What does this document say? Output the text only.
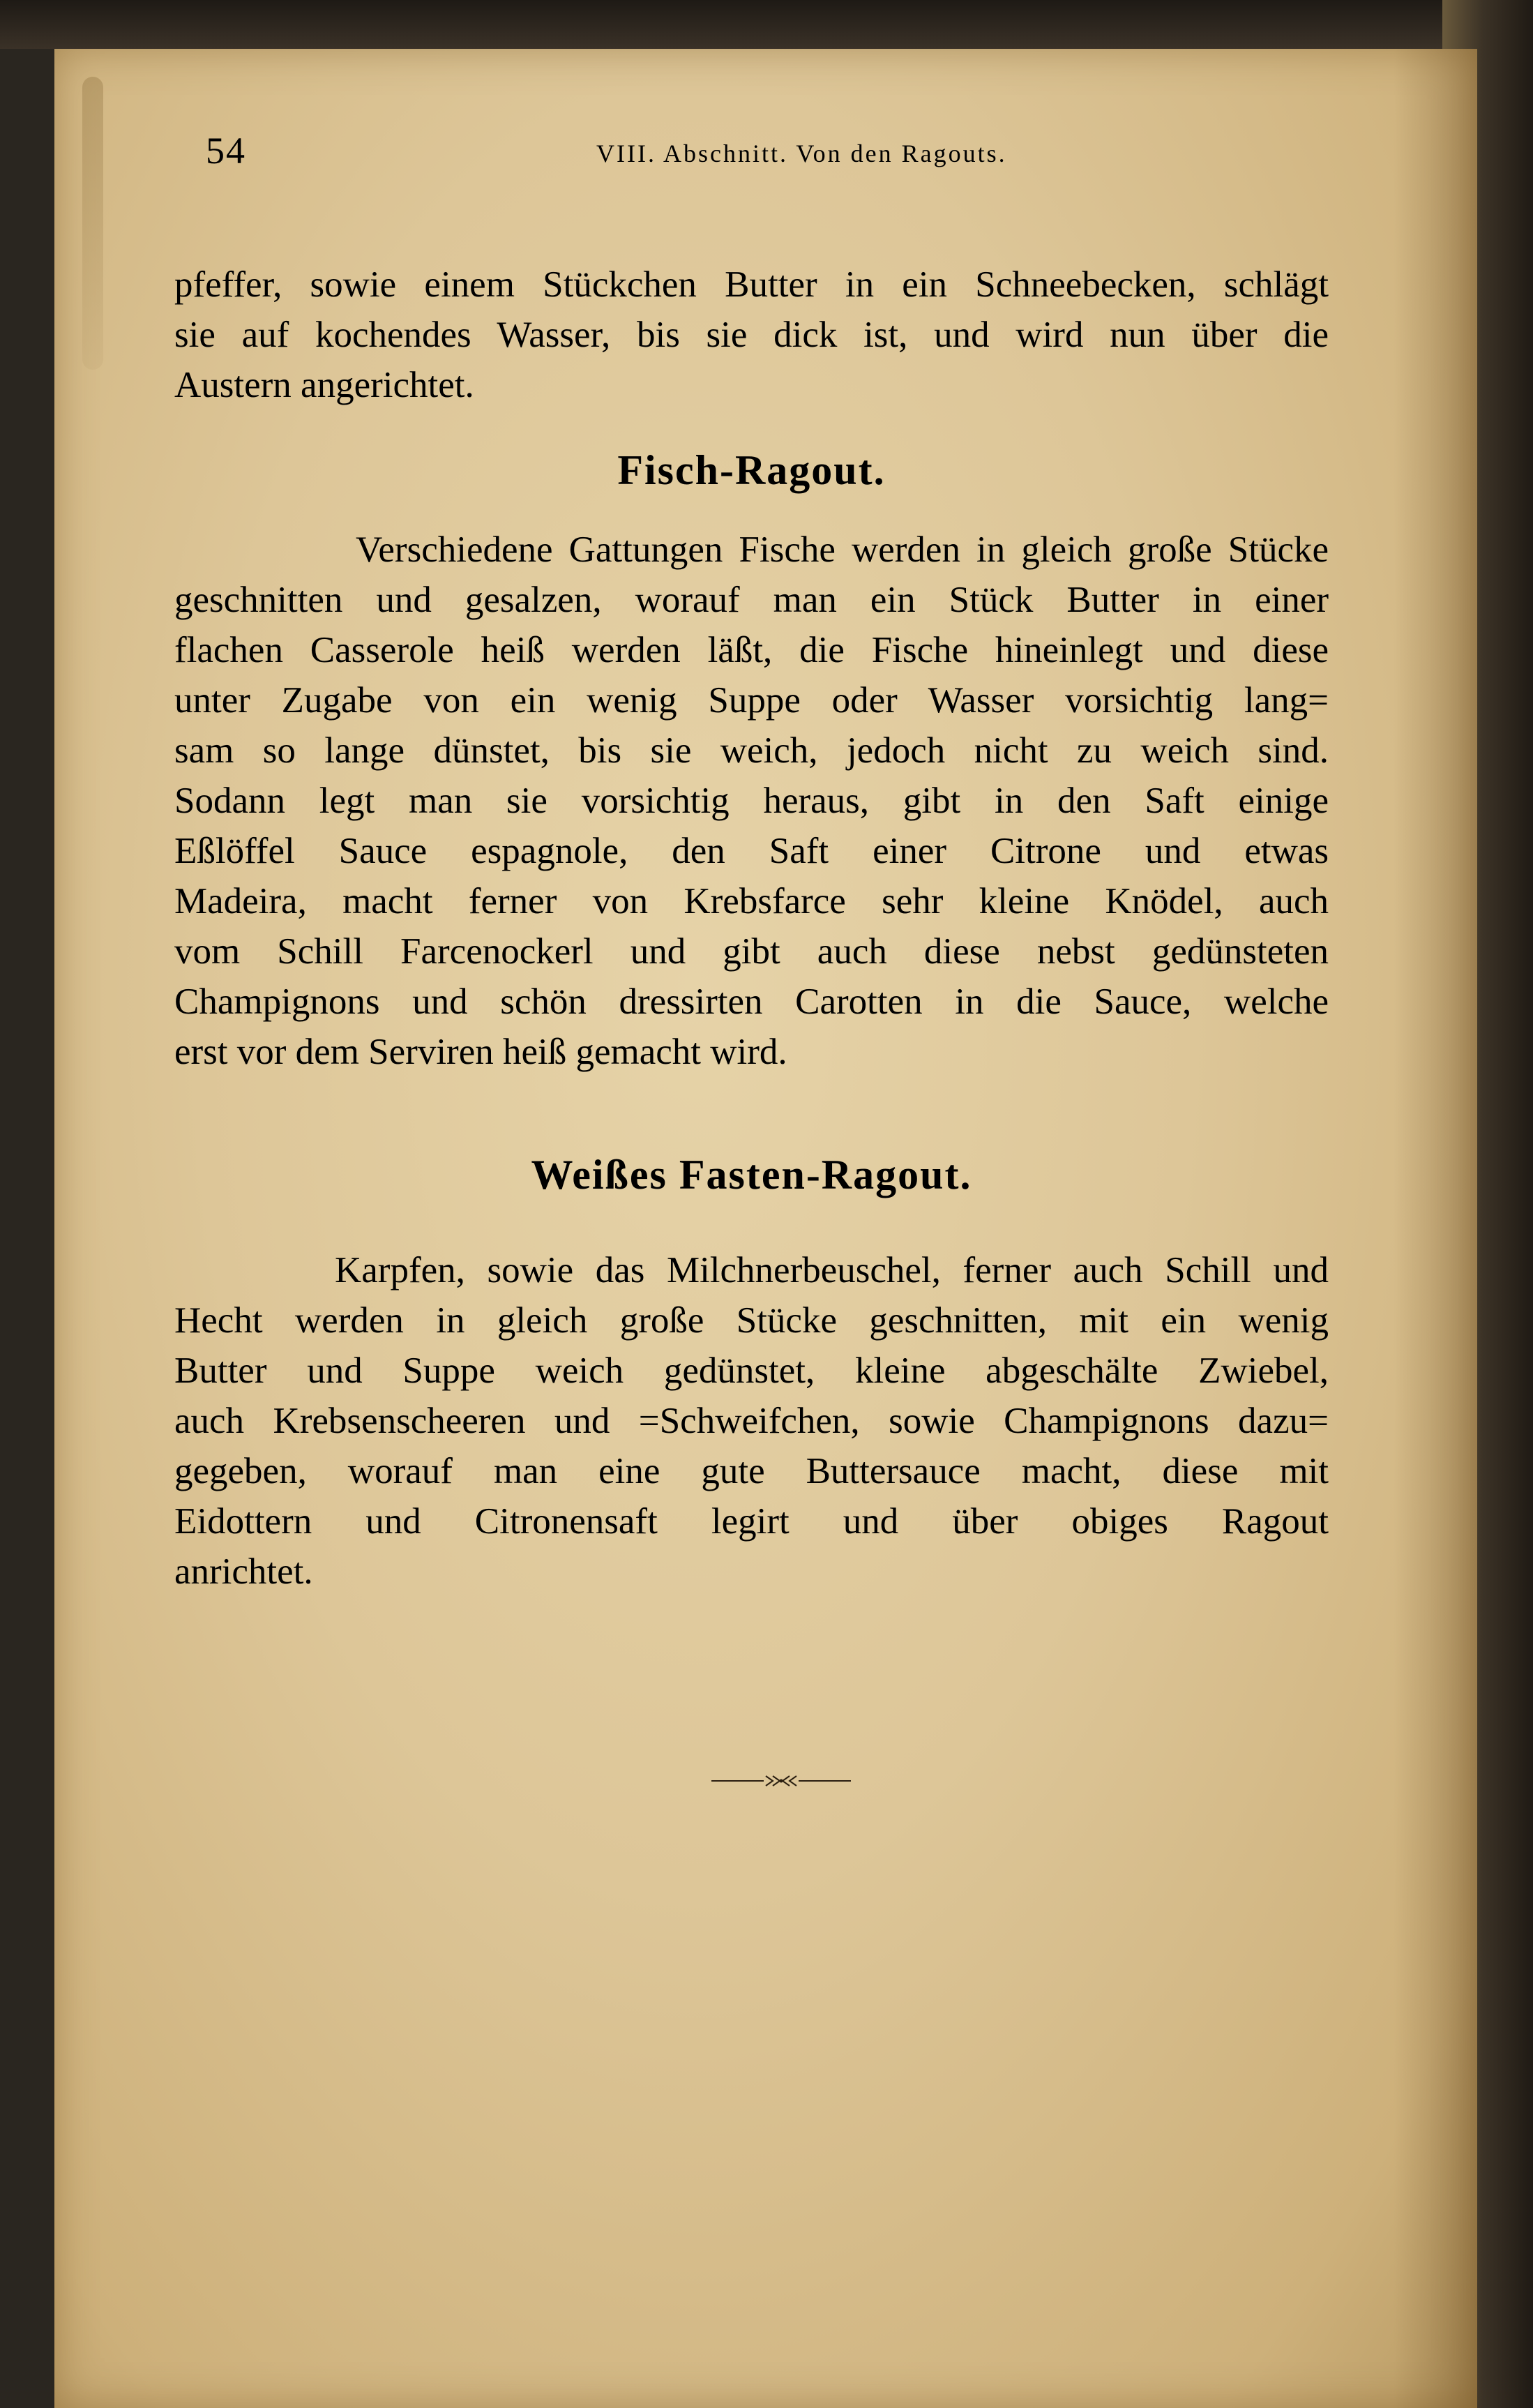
54	VIII. Abschnitt. Von den Ragouts.
pfeffer, sowie einem Stückchen Butter in ein Schneebecken, schlägt
sie auf kochendes Wasser, bis sie dick ist, und wird nun über die
Austern angerichtet.
Fisch-Ragout.
Verschiedene Gattungen Fische werden in gleich große Stücke
geschnitten und gesalzen, worauf man ein Stück Butter in einer
flachen Casserole heiß werden läßt, die Fische hineinlegt und diese
unter Zugabe von ein wenig Suppe oder Wasser vorsichtig lang=
sam so lange dünstet, bis sie weich, jedoch nicht zu weich sind.
Sodann legt man sie vorsichtig heraus, gibt in den Saft einige
Eßlöffel Sauce espagnole, den Saft einer Citrone und etwas
Madeira, macht ferner von Krebsfarce sehr kleine Knödel, auch
vom Schill Farcenockerl und gibt auch diese nebst gedünsteten
Champignons und schön dressirten Carotten in die Sauce, welche
erst vor dem Serviren heiß gemacht wird.
Weißes Fasten-Ragout.
Karpfen, sowie das Milchnerbeuschel, ferner auch Schill und
Hecht werden in gleich große Stücke geschnitten, mit ein wenig
Butter und Suppe weich gedünstet, kleine abgeschälte Zwiebel,
auch Krebsenscheeren und =Schweifchen, sowie Champignons dazu=
gegeben, worauf man eine gute Buttersauce macht, diese mit
Eidottern und Citronensaft legirt und über obiges Ragout
anrichtet.
